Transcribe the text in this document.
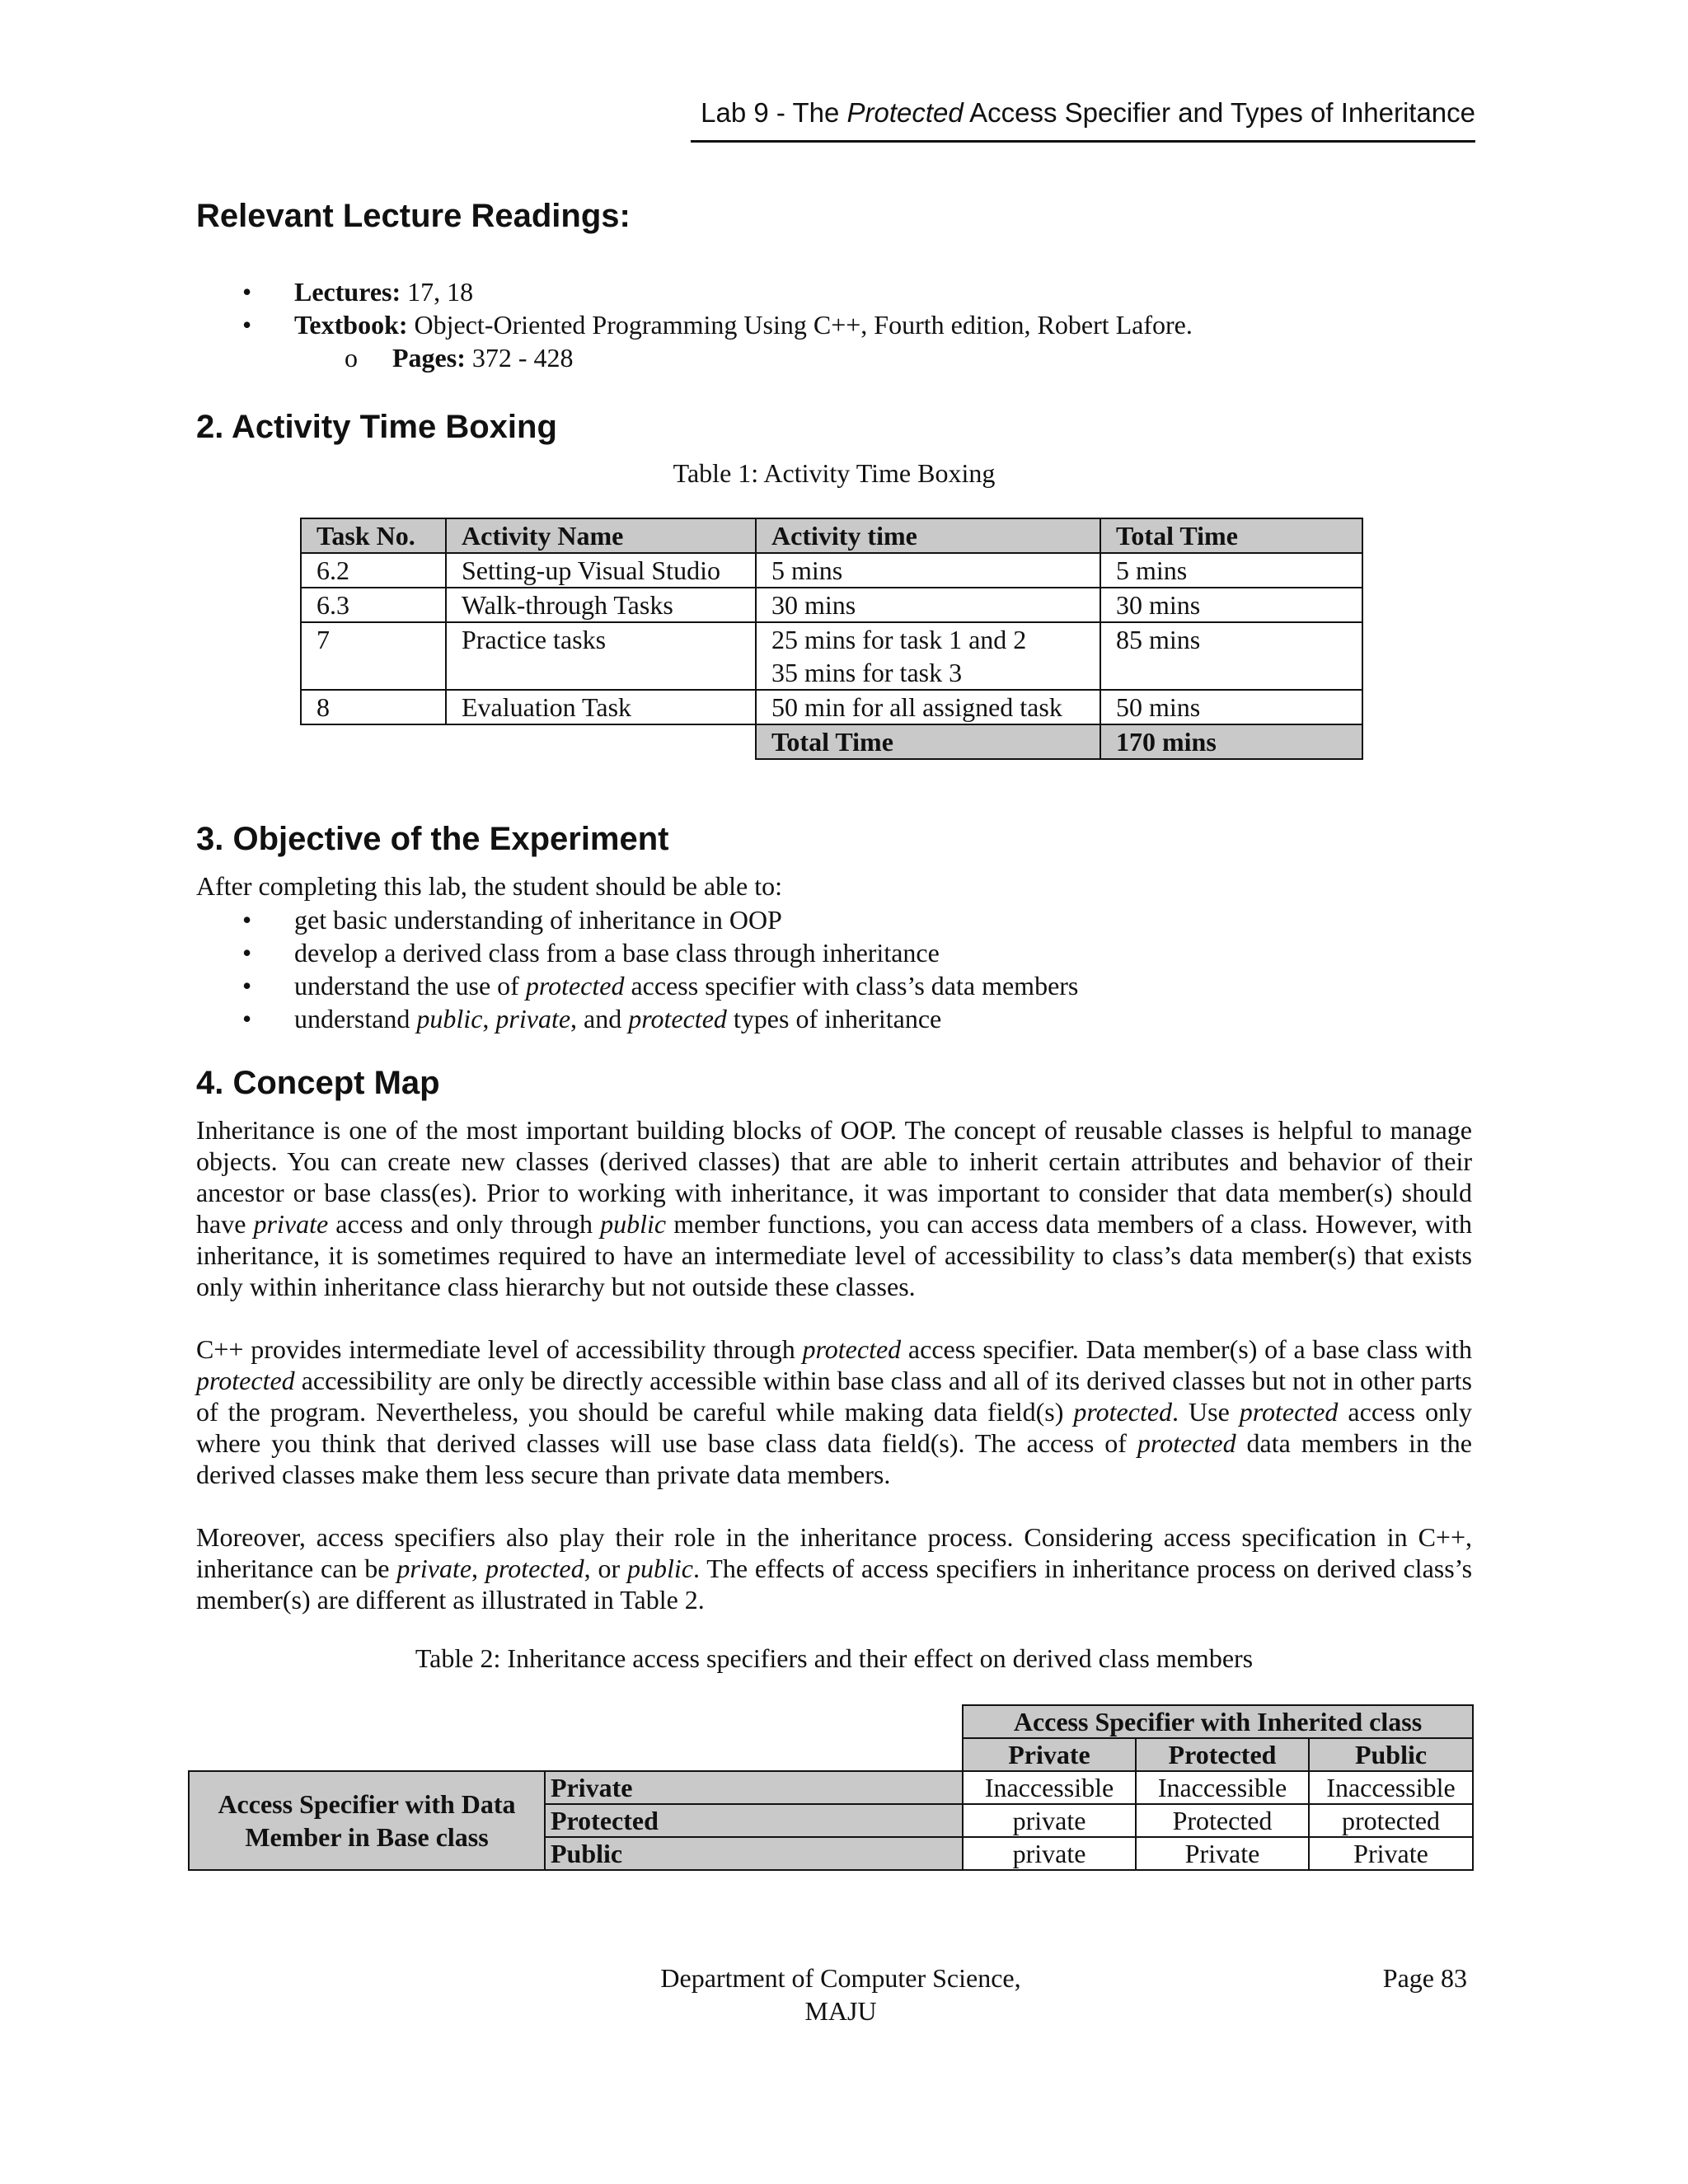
Lab 9 - The Protected Access Specifier and Types of Inheritance
Relevant Lecture Readings:
• Lectures: 17, 18
• Textbook: Object-Oriented Programming Using C++, Fourth edition, Robert Lafore.
o Pages: 372 - 428
2. Activity Time Boxing
Table 1: Activity Time Boxing
Task No.	Activity Name	Activity time	Total Time
6.2	Setting-up Visual Studio	5 mins	5 mins
6.3	Walk-through Tasks	30 mins	30 mins
7	Practice tasks	25 mins for task 1 and 2
35 mins for task 3	85 mins
8	Evaluation Task	50 min for all assigned task	50 mins
		Total Time	170 mins
3. Objective of the Experiment
After completing this lab, the student should be able to:
• get basic understanding of inheritance in OOP
• develop a derived class from a base class through inheritance
• understand the use of protected access specifier with class’s data members
• understand public, private, and protected types of inheritance
4. Concept Map

Inheritance is one of the most important building blocks of OOP. The concept of reusable classes is helpful to manage objects. You can create new classes (derived classes) that are able to inherit certain attributes and behavior of their ancestor or base class(es). Prior to working with inheritance, it was important to consider that data member(s) should have private access and only through public member functions, you can access data members of a class. However, with inheritance, it is sometimes required to have an intermediate level of accessibility to class’s data member(s) that exists only within inheritance class hierarchy but not outside these classes.

C++ provides intermediate level of accessibility through protected access specifier. Data member(s) of a base class with protected accessibility are only be directly accessible within base class and all of its derived classes but not in other parts of the program. Nevertheless, you should be careful while making data field(s) protected. Use protected access only where you think that derived classes will use base class data field(s). The access of protected data members in the derived classes make them less secure than private data members.

Moreover, access specifiers also play their role in the inheritance process. Considering access specification in C++, inheritance can be private, protected, or public. The effects of access specifiers in inheritance process on derived class’s member(s) are different as illustrated in Table 2.

Table 2: Inheritance access specifiers and their effect on derived class members
		Access Specifier with Inherited class		
		Private	Protected	Public
Access Specifier with Data Member in Base class	Private	Inaccessible	Inaccessible	Inaccessible
	Protected	private	Protected	protected
	Public	private	Private	Private
Department of Computer Science,
MAJU
Page 83
